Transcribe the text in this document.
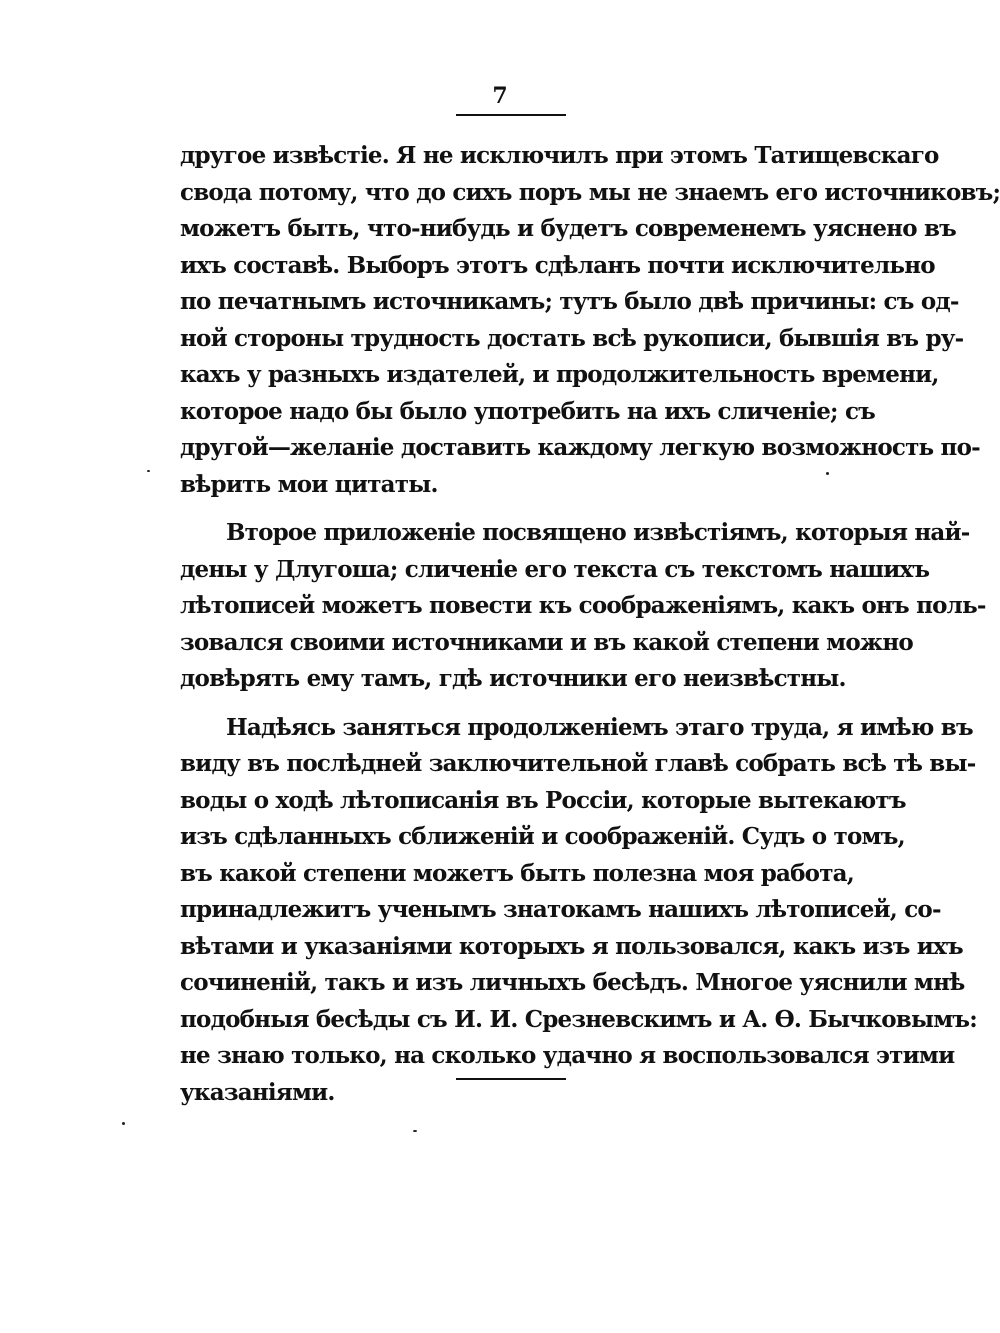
7
другое извѣстіе. Я не исключилъ при этомъ Татищевскаго
свода потому, что до сихъ поръ мы не знаемъ его источниковъ;
можетъ быть, что-нибудь и будетъ современемъ уяснено въ
ихъ составѣ. Выборъ этотъ сдѣланъ почти исключительно
по печатнымъ источникамъ; тутъ было двѣ причины: съ од-
ной стороны трудность достать всѣ рукописи, бывшія въ ру-
кахъ у разныхъ издателей, и продолжительность времени,
которое надо бы было употребить на ихъ сличеніе; съ
другой—желаніе доставить каждому легкую возможность по-
вѣрить мои цитаты.
Второе приложеніе посвящено извѣстіямъ, которыя най-
дены у Длугоша; сличеніе его текста съ текстомъ нашихъ
лѣтописей можетъ повести къ соображеніямъ, какъ онъ поль-
зовался своими источниками и въ какой степени можно
довѣрять ему тамъ, гдѣ источники его неизвѣстны.
Надѣясь заняться продолженіемъ этаго труда, я имѣю въ
виду въ послѣдней заключительной главѣ собрать всѣ тѣ вы-
воды о ходѣ лѣтописанія въ Россіи, которые вытекаютъ
изъ сдѣланныхъ сближеній и соображеній. Судъ о томъ,
въ какой степени можетъ быть полезна моя работа,
принадлежитъ ученымъ знатокамъ нашихъ лѣтописей, со-
вѣтами и указаніями которыхъ я пользовался, какъ изъ ихъ
сочиненій, такъ и изъ личныхъ бесѣдъ. Многое уяснили мнѣ
подобныя бесѣды съ И. И. Срезневскимъ и А. Ѳ. Бычковымъ:
не знаю только, на сколько удачно я воспользовался этими
указаніями.
